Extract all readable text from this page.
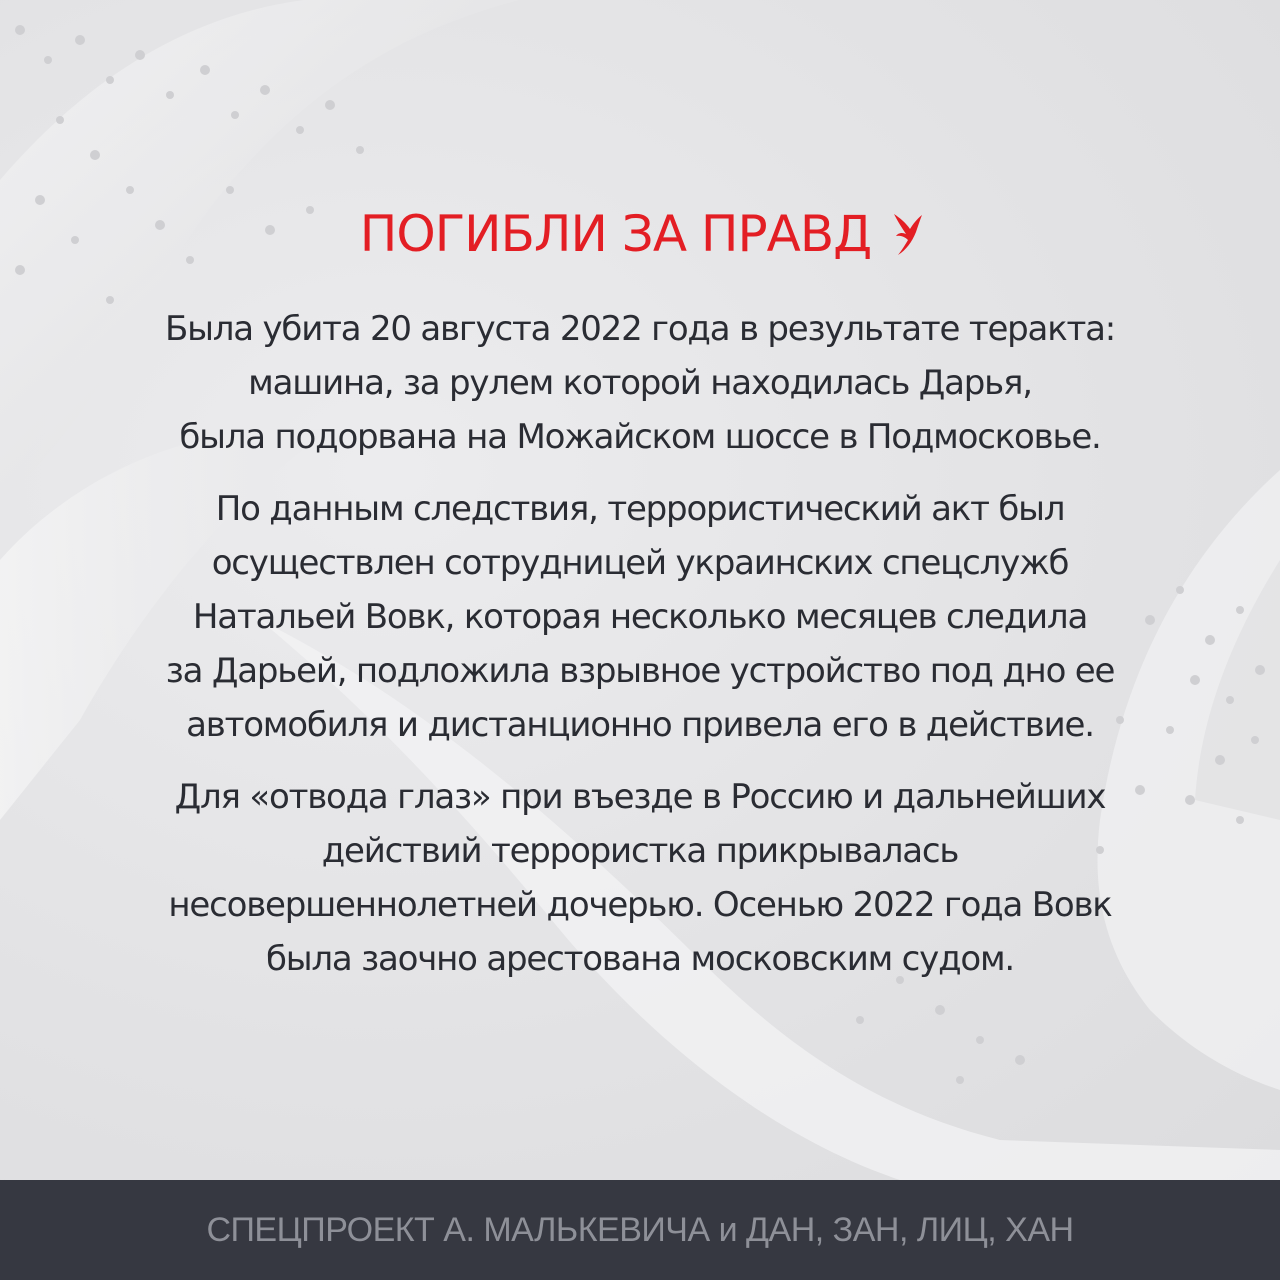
ПОГИБЛИ ЗА ПРАВД

Была убита 20 августа 2022 года в результате теракта:
машина, за рулем которой находилась Дарья,
была подорвана на Можайском шоссе в Подмосковье.

По данным следствия, террористический акт был
осуществлен сотрудницей украинских спецслужб
Натальей Вовк, которая несколько месяцев следила
за Дарьей, подложила взрывное устройство под дно ее
автомобиля и дистанционно привела его в действие.

Для «отвода глаз» при въезде в Россию и дальнейших
действий террористка прикрывалась
несовершеннолетней дочерью. Осенью 2022 года Вовк
была заочно арестована московским судом.

СПЕЦПРОЕКТ А. МАЛЬКЕВИЧА и ДАН, ЗАН, ЛИЦ, ХАН
